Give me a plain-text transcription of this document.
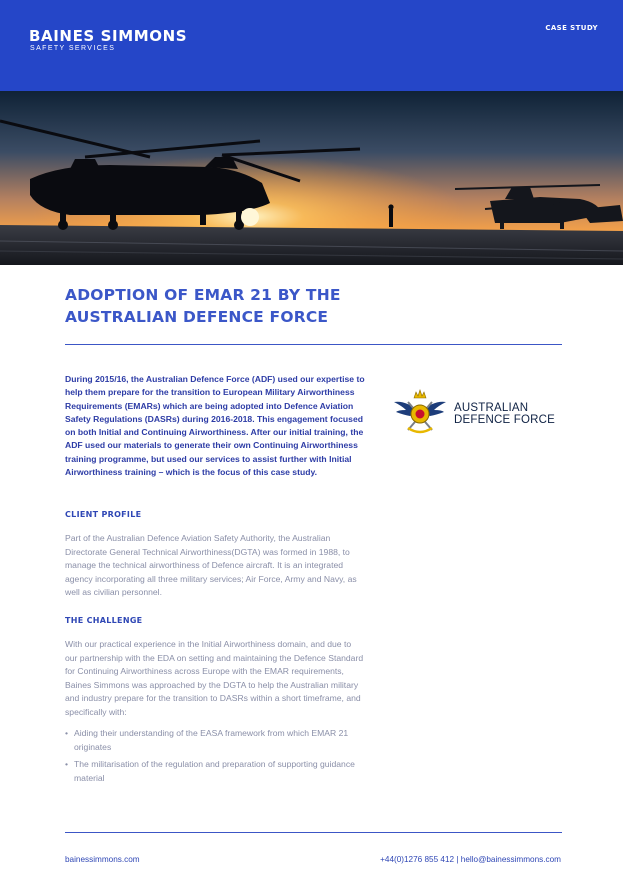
BAINES SIMMONS
SAFETY SERVICES
CASE STUDY
ADOPTION OF EMAR 21 BY THE
AUSTRALIAN DEFENCE FORCE

During 2015/16, the Australian Defence Force (ADF) used our expertise to help them prepare for the transition to European Military Airworthiness Requirements (EMARs) which are being adopted into Defence Aviation Safety Regulations (DASRs) during 2016-2018. This engagement focused on both Initial and Continuing Airworthiness. After our initial training, the ADF used our materials to generate their own Continuing Airworthiness training programme, but used our services to assist further with Initial Airworthiness training – which is the focus of this case study.

AUSTRALIAN
DEFENCE FORCE
CLIENT PROFILE

Part of the Australian Defence Aviation Safety Authority, the Australian Directorate General Technical Airworthiness(DGTA) was formed in 1988, to manage the technical airworthiness of Defence aircraft. It is an integrated agency incorporating all three military services; Air Force, Army and Navy, as well as civilian personnel.

THE CHALLENGE

With our practical experience in the Initial Airworthiness domain, and due to our partnership with the EDA on setting and maintaining the Defence Standard for Continuing Airworthiness across Europe with the EMAR requirements, Baines Simmons was approached by the DGTA to help the Australian military and industry prepare for the transition to DASRs within a short timeframe, and specifically with:

• Aiding their understanding of the EASA framework from which EMAR 21 originates
• The militarisation of the regulation and preparation of supporting guidance material
bainessimmons.com	+44(0)1276 855 412 | hello@bainessimmons.com
